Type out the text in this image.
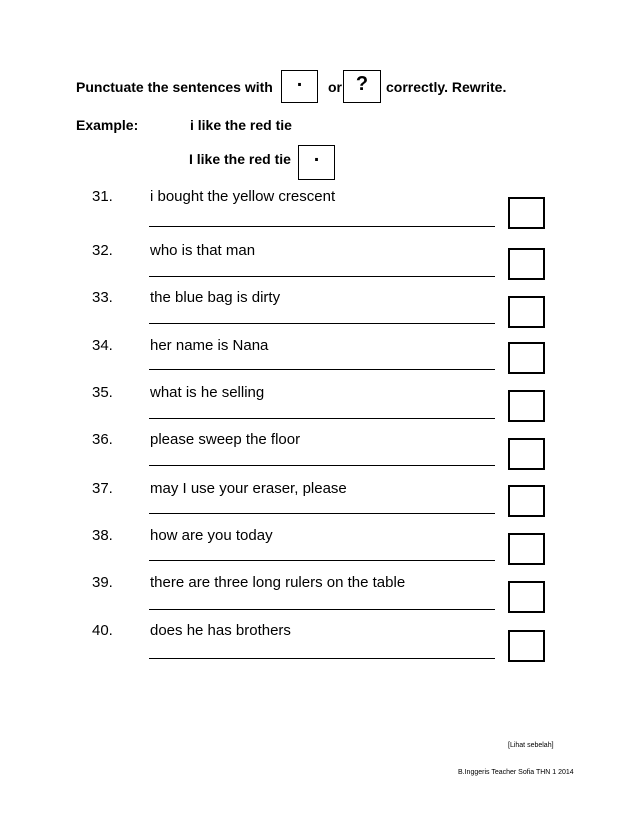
Punctuate the sentences with	.	or ?	correctly. Rewrite.
Example:	i like the red tie
I like the red tie	.
31. i bought the yellow crescent
32. who is that man
33. the blue bag is dirty
34. her name is Nana
35. what is he selling
36. please sweep the floor
37. may I use your eraser, please
38. how are you today
39. there are three long rulers on the table
40. does he has brothers
[Lihat sebelah]
B.Inggeris Teacher Sofia THN 1 2014
